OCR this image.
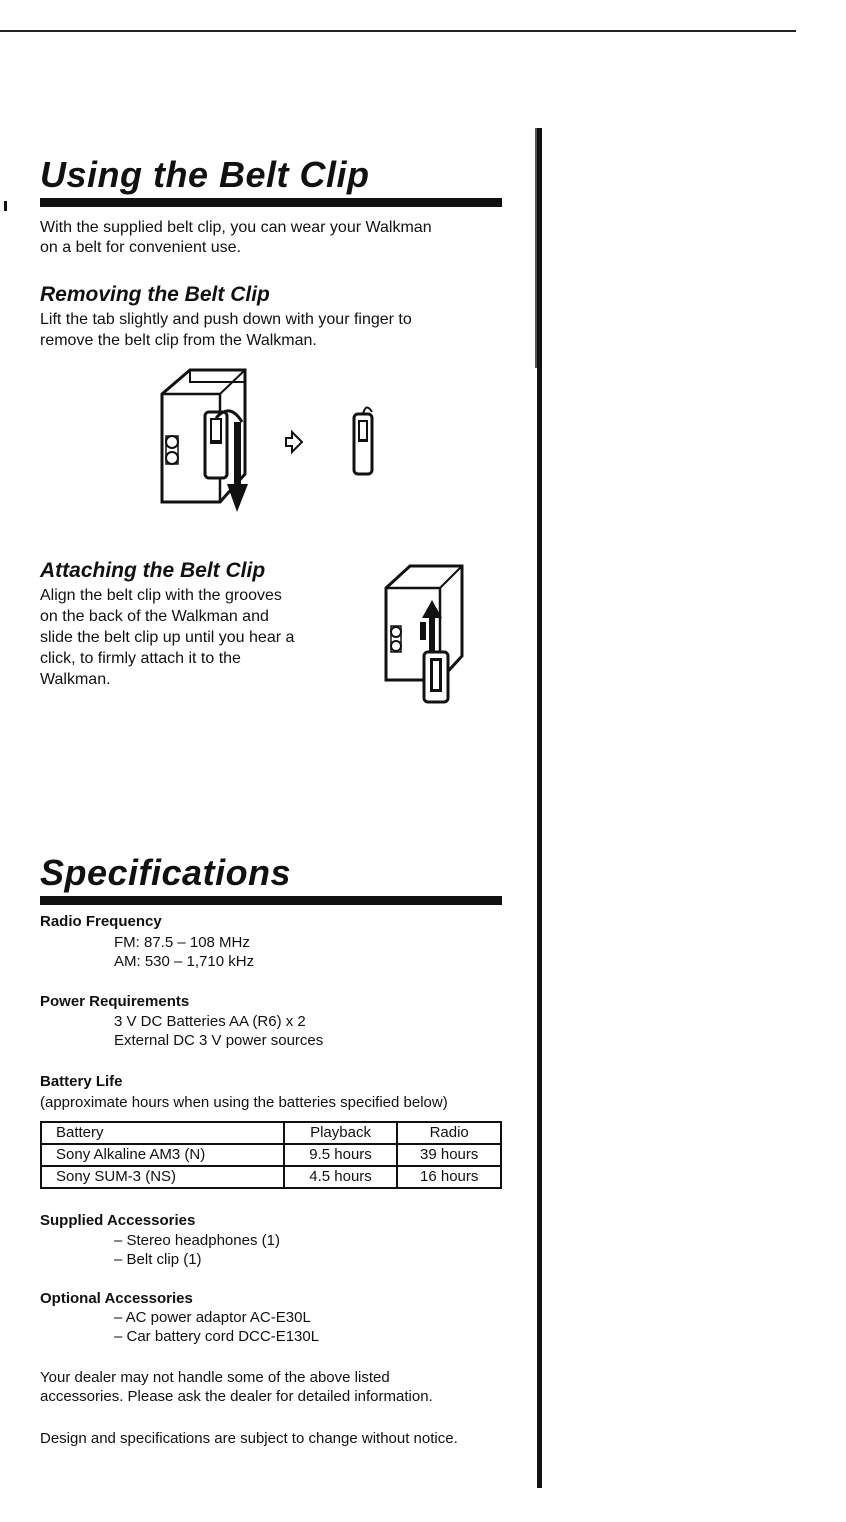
Using the Belt Clip

With the supplied belt clip, you can wear your Walkman

on a belt for convenient use.

Removing the Belt Clip

Lift the tab slightly and push down with your finger to

remove the belt clip from the Walkman.

Attaching the Belt Clip

Align the belt clip with the grooves

on the back of the Walkman and

slide the belt clip up until you hear a

click, to firmly attach it to the

Walkman.

Specifications

Radio Frequency

FM: 87.5 – 108 MHz

AM: 530 – 1,710 kHz

Power Requirements

3 V DC Batteries AA (R6) x 2

External DC 3 V power sources

Battery Life

(approximate hours when using the batteries specified below)

Battery	Playback	Radio
Sony Alkaline AM3 (N)	9.5 hours	39 hours
Sony SUM-3 (NS)	4.5 hours	16 hours

Supplied Accessories

– Stereo headphones (1)

– Belt clip (1)

Optional Accessories

– AC power adaptor AC-E30L

– Car battery cord DCC-E130L

Your dealer may not handle some of the above listed

accessories. Please ask the dealer for detailed information.

Design and specifications are subject to change without notice.
